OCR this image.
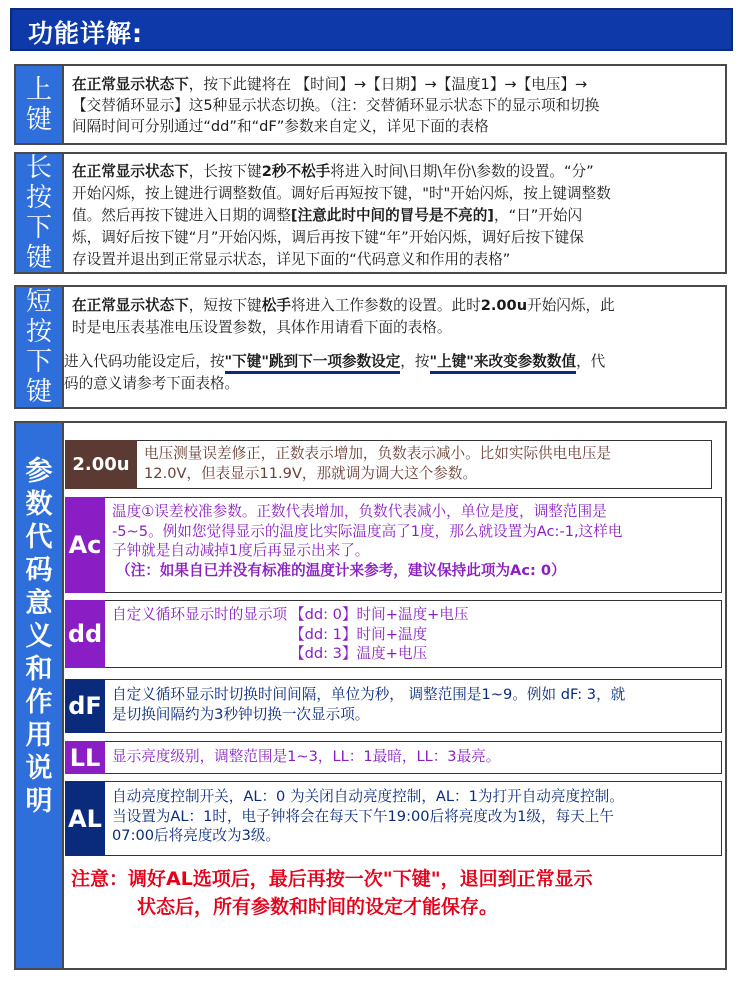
功能详解:
上
键
在正常显示状态下，按下此键将在 【时间】→【日期】→【温度1】→【电压】→
【交替循环显示】这5种显示状态切换。（注：交替循环显示状态下的显示项和切换
间隔时间可分别通过“dd”和“dF”参数来自定义，详见下面的表格
长
按
下
键
在正常显示状态下，长按下键2秒不松手将进入时间\日期\年份\参数的设置。“分”
开始闪烁，按上键进行调整数值。调好后再短按下键，"时"开始闪烁，按上键调整数
值。然后再按下键进入日期的调整[注意此时中间的冒号是不亮的]，“日”开始闪
烁，调好后按下键“月”开始闪烁，调后再按下键“年”开始闪烁，调好后按下键保
存设置并退出到正常显示状态，详见下面的“代码意义和作用的表格”
短
按
下
键
在正常显示状态下，短按下键松手将进入工作参数的设置。此时2.00u开始闪烁，此
时是电压表基准电压设置参数，具体作用请看下面的表格。
进入代码功能设定后，按"下键"跳到下一项参数设定，按"上键"来改变参数数值，代
码的意义请参考下面表格。
参
数
代
码
意
义
和
作
用
说
明
2.00u
电压测量误差修正，正数表示增加，负数表示减小。比如实际供电电压是
12.0V，但表显示11.9V，那就调为调大这个参数。
Ac
温度①误差校准参数。正数代表增加，负数代表减小，单位是度，调整范围是
-5~5。例如您觉得显示的温度比实际温度高了1度，那么就设置为Ac:-1,这样电
子钟就是自动减掉1度后再显示出来了。
（注：如果自已并没有标准的温度计来参考，建议保持此项为Ac: 0）
dd
自定义循环显示时的显示项 【dd: 0】时间+温度+电压
【dd: 1】时间+温度
【dd: 3】温度+电压
dF 自定义循环显示时切换时间间隔，单位为秒， 调整范围是1~9。例如 dF: 3，就
是切换间隔约为3秒钟切换一次显示项。
LL 显示亮度级别，调整范围是1~3，LL：1最暗，LL：3最亮。
AL
自动亮度控制开关，AL：0 为关闭自动亮度控制，AL：1为打开自动亮度控制。
当设置为AL：1时，电子钟将会在每天下午19:00后将亮度改为1级，每天上午
07:00后将亮度改为3级。
注意：调好AL选项后，最后再按一次"下键"，退回到正常显示
状态后，所有参数和时间的设定才能保存。
